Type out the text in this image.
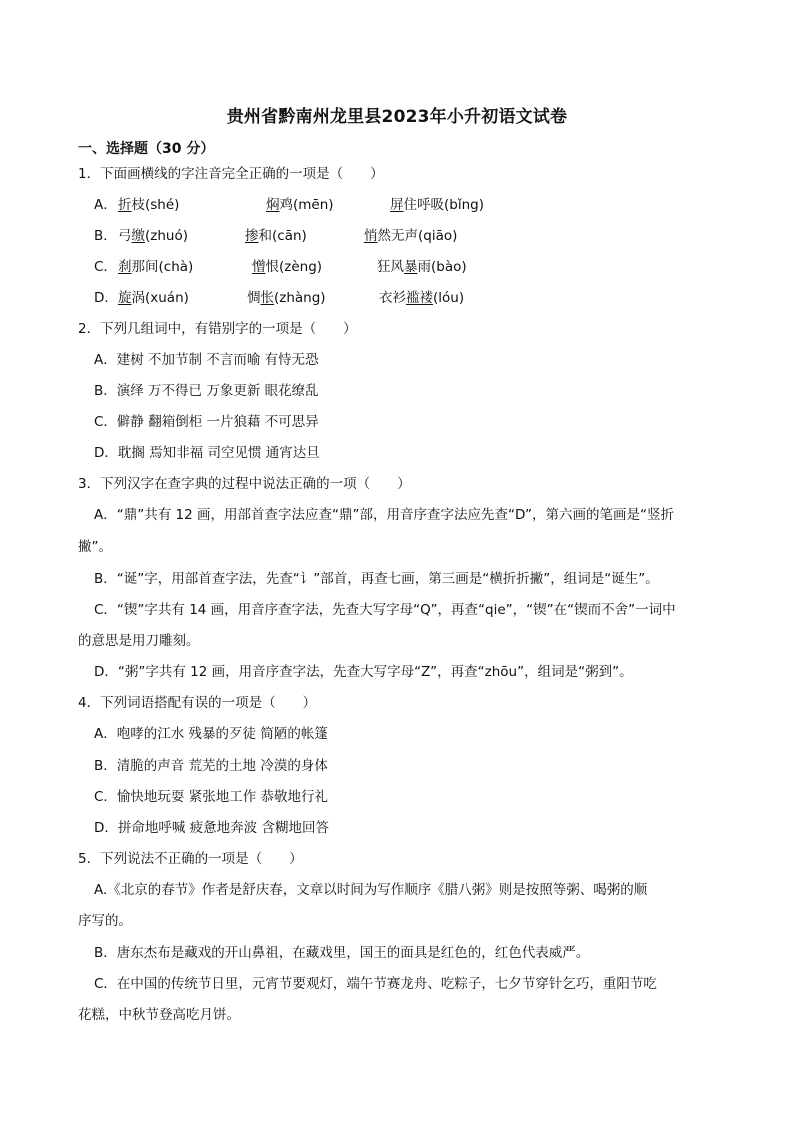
贵州省黔南州龙里县2023年小升初语文试卷
一、选择题（30 分）
1．下面画横线的字注音完全正确的一项是（　　）
A． 折枝(shé)	焖鸡(mēn)	屏住呼吸(bǐng)
B． 弓缴(zhuó)	掺和(cān)	悄然无声(qiāo)
C． 刹那间(chà)	憎恨(zèng)	狂风暴雨(bào)
D． 旋涡(xuán)	惆怅(zhàng)	衣衫褴褛(lóu)
2．下列几组词中，有错别字的一项是（　　）
A．建树 不加节制 不言而喻 有恃无恐
B．演绎 万不得已 万象更新 眼花缭乱
C．僻静 翻箱倒柜 一片狼藉 不可思异
D．耽搁 焉知非福 司空见惯 通宵达旦
3．下列汉字在查字典的过程中说法正确的一项（　　）
A．“鼎”共有 12 画，用部首查字法应查“鼎”部，用音序查字法应先查“D”，第六画的笔画是“竖折
撇”。
B．“诞”字，用部首查字法，先查“讠”部首，再查七画，第三画是“横折折撇”，组词是“诞生”。
C．“锲”字共有 14 画，用音序查字法，先查大写字母“Q”，再查“qie”，“锲”在“锲而不舍”一词中
的意思是用刀雕刻。
D．“粥”字共有 12 画，用音序查字法，先查大写字母“Z”，再查“zhōu”，组词是“粥到”。
4．下列词语搭配有误的一项是（　　）
A．咆哮的江水 残暴的歹徒 简陋的帐篷
B．清脆的声音 荒芜的土地 冷漠的身体
C．愉快地玩耍 紧张地工作 恭敬地行礼
D．拼命地呼喊 疲惫地奔波 含糊地回答
5．下列说法不正确的一项是（　　）
A.《北京的春节》作者是舒庆春，文章以时间为写作顺序《腊八粥》则是按照等粥、喝粥的顺
序写的。
B．唐东杰布是藏戏的开山鼻祖，在藏戏里，国王的面具是红色的，红色代表威严。
C．在中国的传统节日里，元宵节要观灯，端午节赛龙舟、吃粽子，七夕节穿针乞巧，重阳节吃
花糕，中秋节登高吃月饼。
